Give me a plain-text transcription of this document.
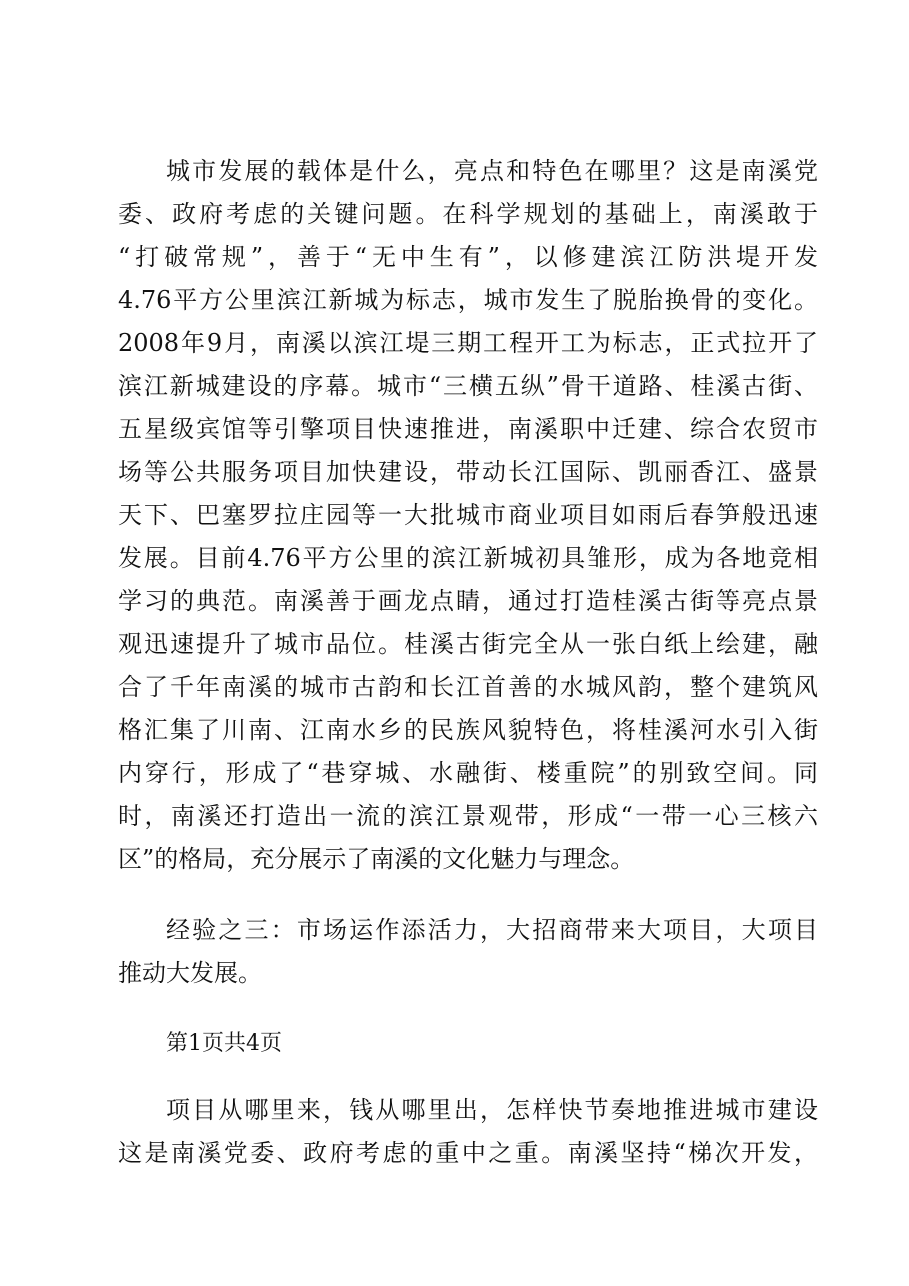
城市发展的载体是什么，亮点和特色在哪里？这是南溪党
委、政府考虑的关键问题。在科学规划的基础上，南溪敢于
“打破常规”，善于“无中生有”，以修建滨江防洪堤开发
4.76平方公里滨江新城为标志，城市发生了脱胎换骨的变化。
2008年9月，南溪以滨江堤三期工程开工为标志，正式拉开了
滨江新城建设的序幕。城市“三横五纵”骨干道路、桂溪古街、
五星级宾馆等引擎项目快速推进，南溪职中迁建、综合农贸市
场等公共服务项目加快建设，带动长江国际、凯丽香江、盛景
天下、巴塞罗拉庄园等一大批城市商业项目如雨后春笋般迅速
发展。目前4.76平方公里的滨江新城初具雏形，成为各地竞相
学习的典范。南溪善于画龙点睛，通过打造桂溪古街等亮点景
观迅速提升了城市品位。桂溪古街完全从一张白纸上绘建，融
合了千年南溪的城市古韵和长江首善的水城风韵，整个建筑风
格汇集了川南、江南水乡的民族风貌特色，将桂溪河水引入街
内穿行，形成了“巷穿城、水融街、楼重院”的别致空间。同
时，南溪还打造出一流的滨江景观带，形成“一带一心三核六
区”的格局，充分展示了南溪的文化魅力与理念。
经验之三：市场运作添活力，大招商带来大项目，大项目
推动大发展。
第1页共4页
项目从哪里来，钱从哪里出，怎样快节奏地推进城市建设
这是南溪党委、政府考虑的重中之重。南溪坚持“梯次开发，
